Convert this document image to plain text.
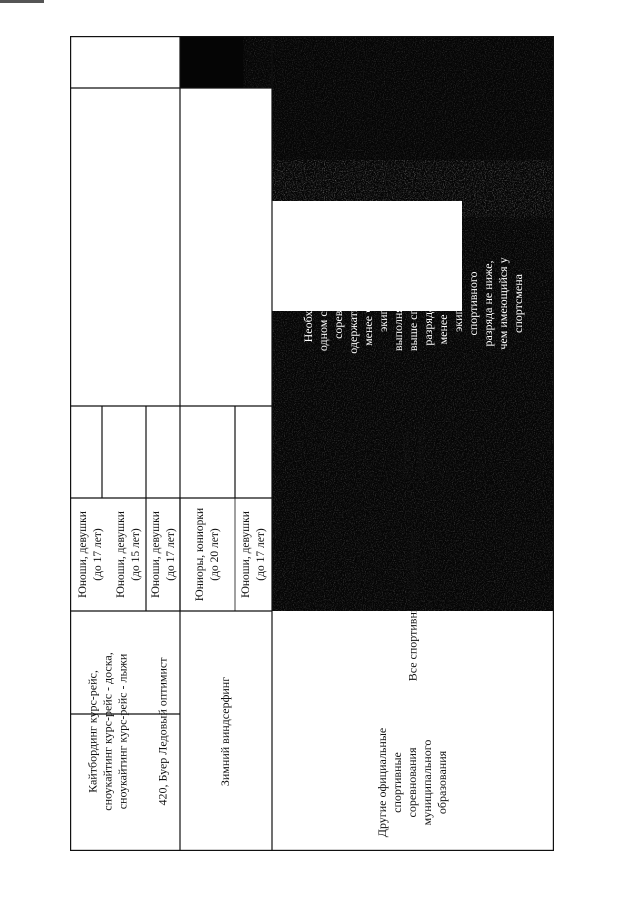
Кайтбординг курс-рейс,
сноукайтинг курс-рейс - доска,
сноукайтинг курс-рейс - лыжи
Юноши, девушки
(до 17 лет)
Юноши, девушки
(до 15 лет)
420, Буер Ледовый оптимист
Юноши, девушки
(до 17 лет)
Зимний виндсерфинг
Юниоры, юниорки
(до 20 лет)
Юноши, девушки
(до 17 лет)
Другие официальные
спортивные
соревнования
муниципального
образования
Все спортивные дисциплины
Мужчины,
женщины
Необходимо на
одном спортивном
соревновании
одержать победу не
менее чем над  3
экипажами
выполняемого или
выше спортивного
разряда, либо не
менее чем над 6
экипажами
спортивного
разряда не ниже,
чем имеющийся у
спортсмена
